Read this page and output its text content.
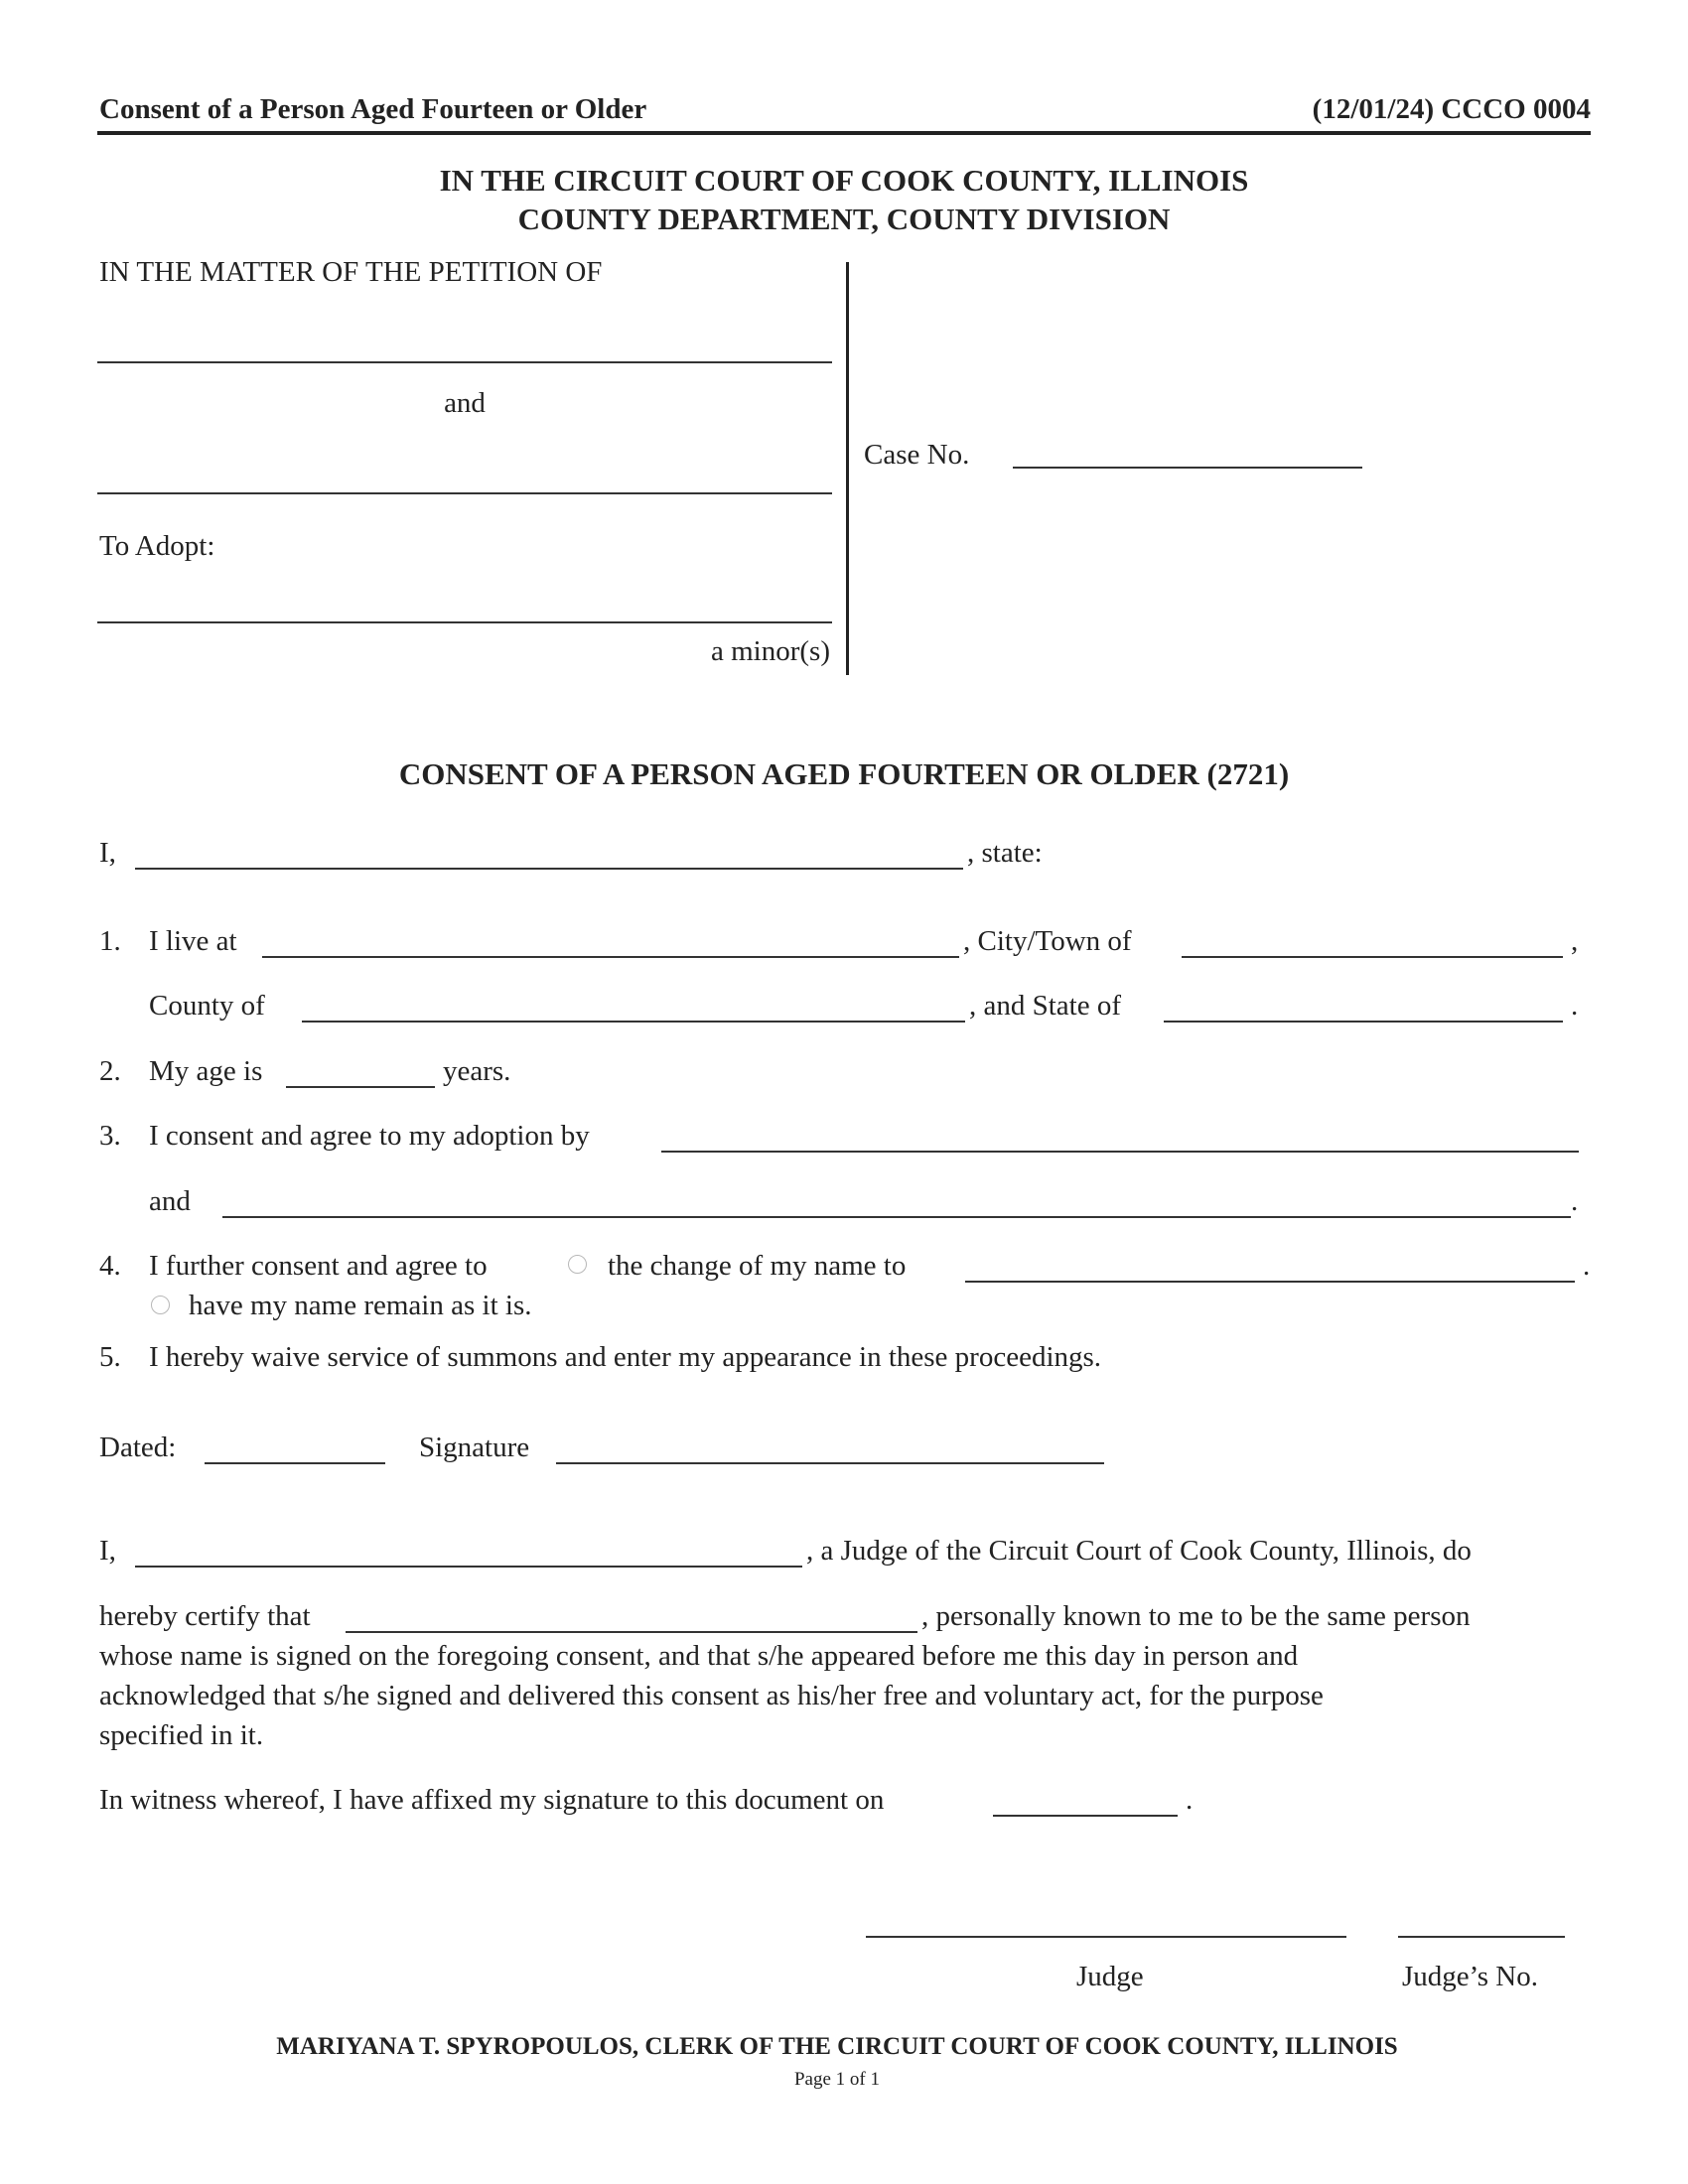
Consent of a Person Aged Fourteen or Older	(12/01/24) CCCO 0004
IN THE CIRCUIT COURT OF COOK COUNTY, ILLINOIS
COUNTY DEPARTMENT, COUNTY DIVISION
IN THE MATTER OF THE PETITION OF
and
To Adopt:
a minor(s)
Case No.
CONSENT OF A PERSON AGED FOURTEEN OR OLDER (2721)
I,	, state:
1. I live at	, City/Town of	,
County of	, and State of	.
2. My age is	years.
3. I consent and agree to my adoption by
and	.
4. I further consent and agree to	the change of my name to	.
have my name remain as it is.
5. I hereby waive service of summons and enter my appearance in these proceedings.
Dated:	Signature
I,	, a Judge of the Circuit Court of Cook County, Illinois, do
hereby certify that	, personally known to me to be the same person
whose name is signed on the foregoing consent, and that s/he appeared before me this day in person and
acknowledged that s/he signed and delivered this consent as his/her free and voluntary act, for the purpose
specified in it.
In witness whereof, I have affixed my signature to this document on	.
Judge	Judge’s No.
MARIYANA T. SPYROPOULOS, CLERK OF THE CIRCUIT COURT OF COOK COUNTY, ILLINOIS
Page 1 of 1
